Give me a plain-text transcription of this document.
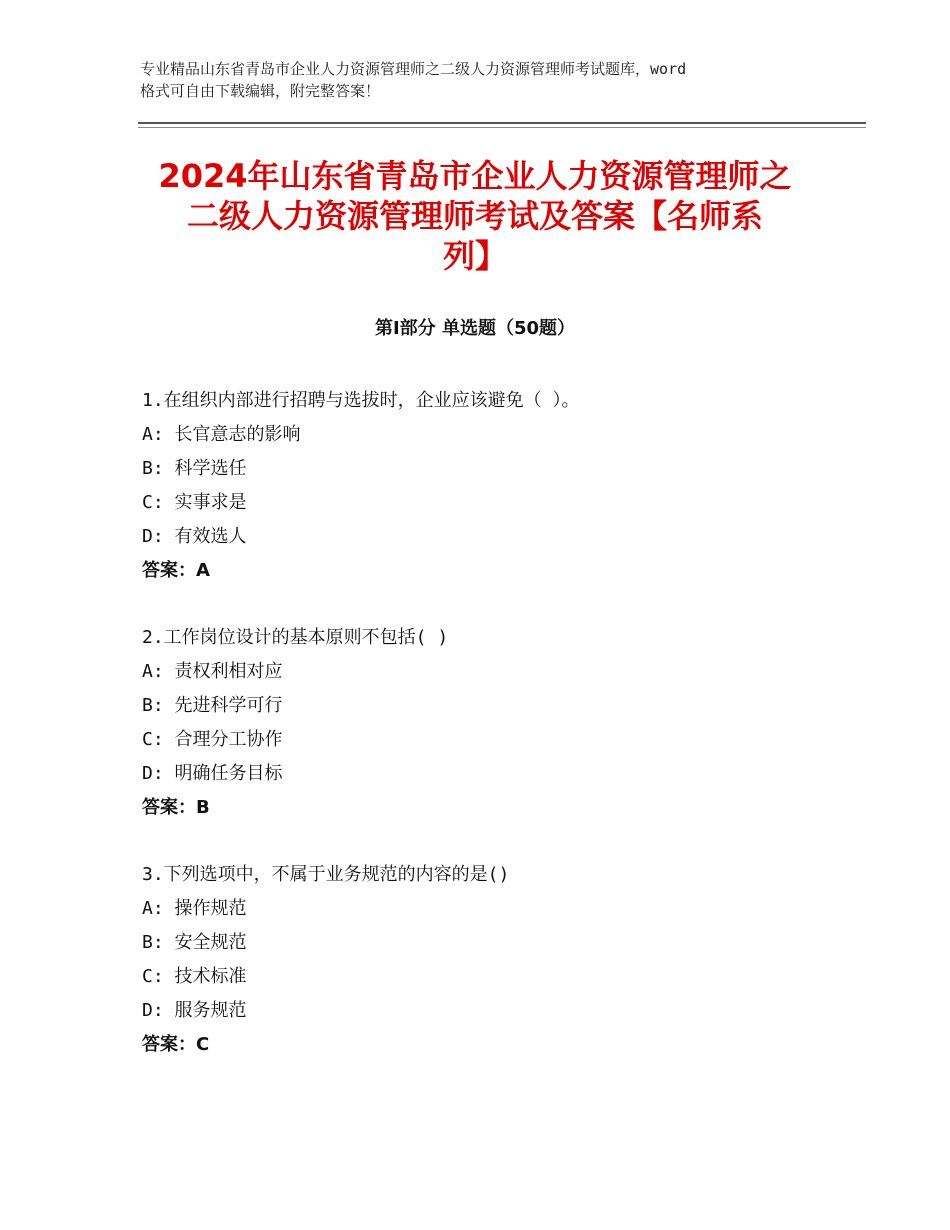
专业精品山东省青岛市企业人力资源管理师之二级人力资源管理师考试题库，word
格式可自由下载编辑，附完整答案！
2024年山东省青岛市企业人力资源管理师之
二级人力资源管理师考试及答案【名师系
列】
第Ⅰ部分 单选题（50题）
1.在组织内部进行招聘与选拔时，企业应该避免（ ）。
A: 长官意志的影响
B: 科学选任
C: 实事求是
D: 有效选人
答案：A
2.工作岗位设计的基本原则不包括( )
A: 责权利相对应
B: 先进科学可行
C: 合理分工协作
D: 明确任务目标
答案：B
3.下列选项中，不属于业务规范的内容的是()
A: 操作规范
B: 安全规范
C: 技术标准
D: 服务规范
答案：C
